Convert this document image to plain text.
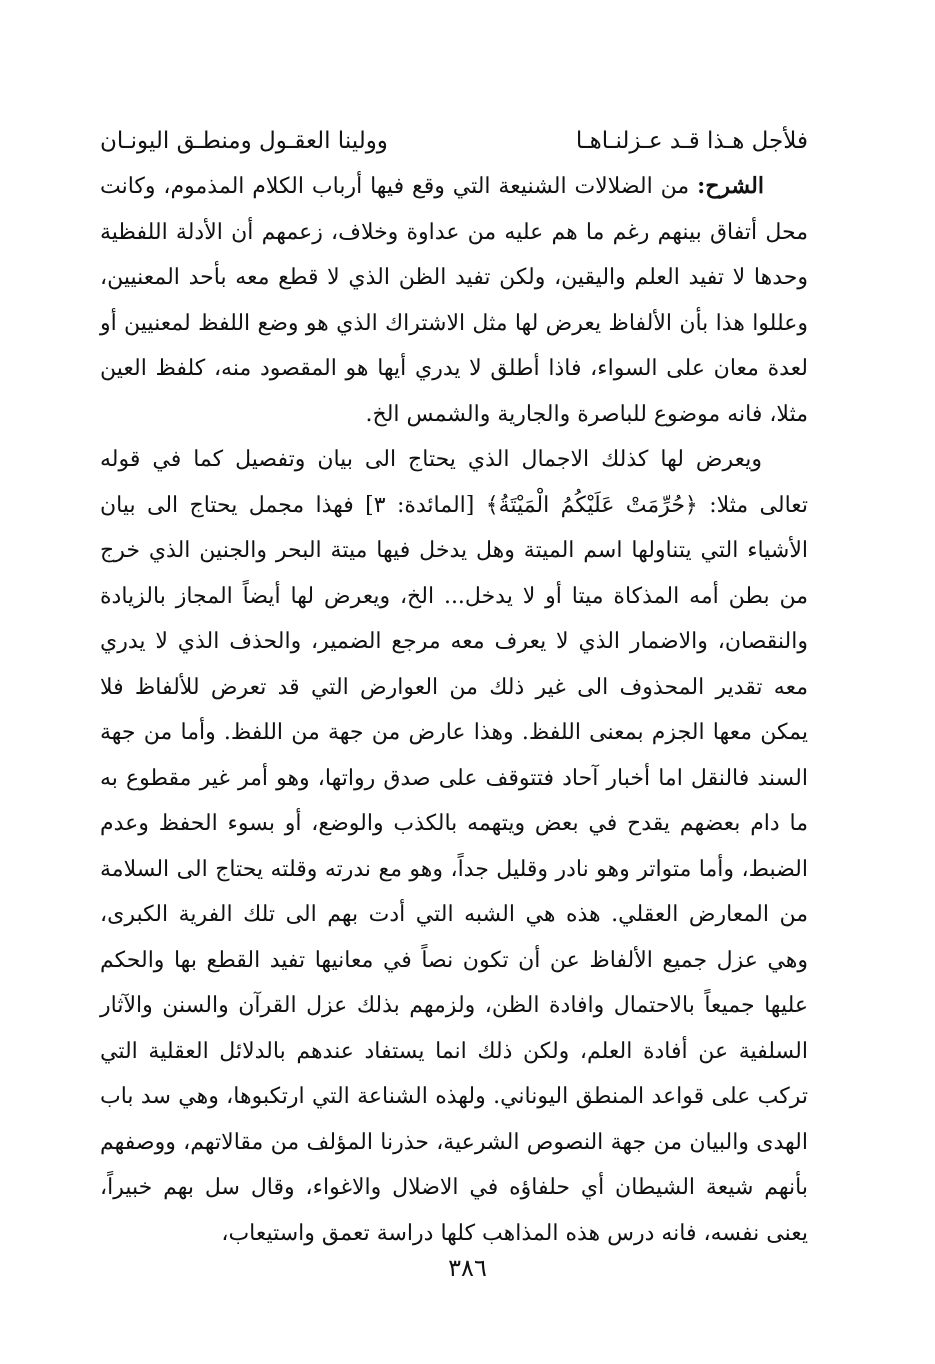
فلأجل هـذا قـد عـزلنـاهـا
وولينا العقـول ومنطـق اليونـان

الشرح: من الضلالات الشنيعة التي وقع فيها أرباب الكلام المذموم، وكانت محل أتفاق بينهم رغم ما هم عليه من عداوة وخلاف، زعمهم أن الأدلة اللفظية وحدها لا تفيد العلم واليقين، ولكن تفيد الظن الذي لا قطع معه بأحد المعنيين، وعللوا هذا بأن الألفاظ يعرض لها مثل الاشتراك الذي هو وضع اللفظ لمعنيين أو لعدة معان على السواء، فاذا أطلق لا يدري أيها هو المقصود منه، كلفظ العين مثلا، فانه موضوع للباصرة والجارية والشمس الخ.

ويعرض لها كذلك الاجمال الذي يحتاج الى بيان وتفصيل كما في قوله تعالى مثلا: ﴿حُرِّمَتْ عَلَيْكُمُ الْمَيْتَةُ﴾ [المائدة: ٣] فهذا مجمل يحتاج الى بيان الأشياء التي يتناولها اسم الميتة وهل يدخل فيها ميتة البحر والجنين الذي خرج من بطن أمه المذكاة ميتا أو لا يدخل... الخ، ويعرض لها أيضاً المجاز بالزيادة والنقصان، والاضمار الذي لا يعرف معه مرجع الضمير، والحذف الذي لا يدري معه تقدير المحذوف الى غير ذلك من العوارض التي قد تعرض للألفاظ فلا يمكن معها الجزم بمعنى اللفظ. وهذا عارض من جهة من اللفظ. وأما من جهة السند فالنقل اما أخبار آحاد فتتوقف على صدق رواتها، وهو أمر غير مقطوع به ما دام بعضهم يقدح في بعض ويتهمه بالكذب والوضع، أو بسوء الحفظ وعدم الضبط، وأما متواتر وهو نادر وقليل جداً، وهو مع ندرته وقلته يحتاج الى السلامة من المعارض العقلي. هذه هي الشبه التي أدت بهم الى تلك الفرية الكبرى، وهي عزل جميع الألفاظ عن أن تكون نصاً في معانيها تفيد القطع بها والحكم عليها جميعاً بالاحتمال وافادة الظن، ولزمهم بذلك عزل القرآن والسنن والآثار السلفية عن أفادة العلم، ولكن ذلك انما يستفاد عندهم بالدلائل العقلية التي تركب على قواعد المنطق اليوناني. ولهذه الشناعة التي ارتكبوها، وهي سد باب الهدى والبيان من جهة النصوص الشرعية، حذرنا المؤلف من مقالاتهم، ووصفهم بأنهم شيعة الشيطان أي حلفاؤه في الاضلال والاغواء، وقال سل بهم خبيراً، يعنى نفسه، فانه درس هذه المذاهب كلها دراسة تعمق واستيعاب،

٣٨٦
